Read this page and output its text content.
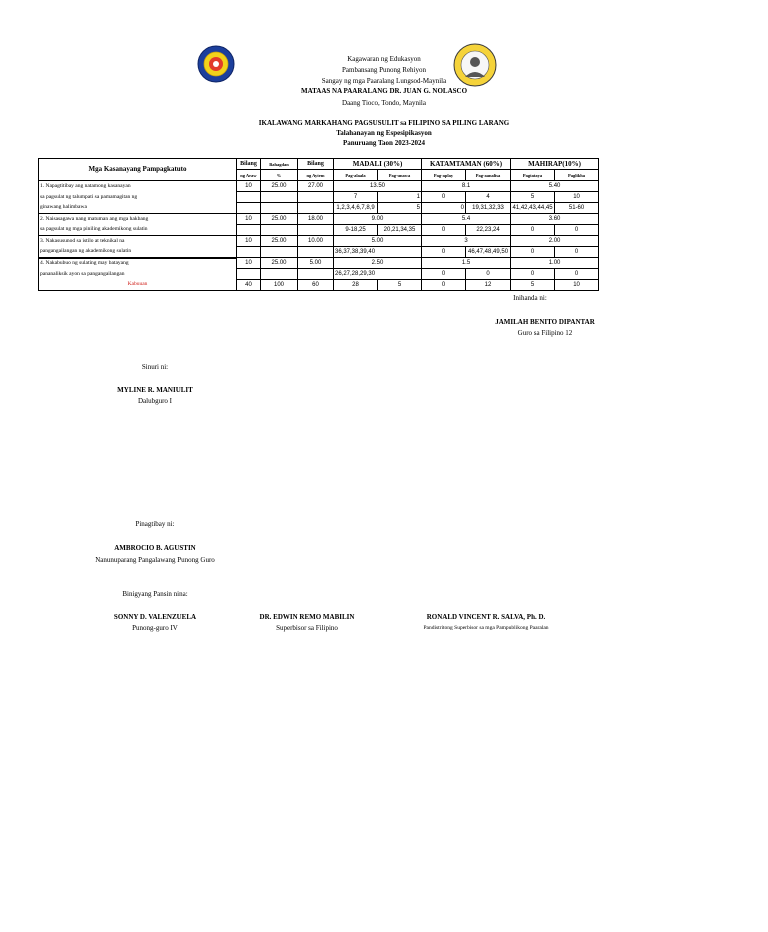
Kagawaran ng Edukasyon
Pambansang Punong Rehiyon
Sangay ng mga Paaralang Lungsod-Maynila
MATAAS NA PAARALANG DR. JUAN G. NOLASCO
Daang Tioco, Tondo, Maynila
IKALAWANG MARKAHANG PAGSUSULIT sa FILIPINO SA PILING LARANG
Talahanayan ng Espesipikasyon
Panuruang Taon 2023-2024
Mga Kasanayang Pampagkatuto	Bilang	Bahagdan	Bilang	MADALI (30%)		KATAMTAMAN (60%)		MAHIRAP(10%)	
	ng Araw	%	ng Aytem	Pag-alaala	Pag-unawa	Pag-aplay	Pag-aanalisa	Pagtataya	Paglikha
1. Napagtitibay ang natamong kasanayan	10	25.00	27.00	13.50		8.1		5.40	
sa pagsulat ng talumpati sa pamamagitan ng				7	1	0	4	5	10
ginawang halimbawa				1,2,3,4,6,7,8,9	5	0	19,31,32,33	41,42,43,44,45	51-60
2. Naisasagawa nang matuman ang mga hakbang	10	25.00	18.00	9.00		5.4		3.60	
sa pagsulat ng mga piniling akademikong sulatin				9-18,25	20,21,34,35	0	22,23,24	0	0
3. Nakasusunod sa istilo at teknikal na	10	25.00	10.00	5.00		3		2.00	
pangangailangan ng akademikong sulatin				36,37,38,39,40		0	46,47,48,49,50	0	0
4. Nakabubuo ng sulating may batayang	10	25.00	5.00	2.50		1.5		1.00	
pananaliksik ayon sa pangangailangan				26,27,28,29,30		0	0	0	0
Kabuuan	40	100	60	28	5	0	12	5	10
Inihanda ni:
JAMILAH BENITO DIPANTAR
Guro sa Filipino 12
Sinuri ni:
MYLINE R. MANIULIT
Dalubguro I
Pinagtibay ni:
AMBROCIO B. AGUSTIN
Nanunuparang Pangalawang Punong Guro
Binigyang Pansin nina:
SONNY D. VALENZUELA
Punong-guro IV
DR. EDWIN REMO MABILIN
Superbisor sa Filipino
RONALD VINCENT R. SALVA, Ph. D.
Pandistritong Superbisor sa mga Pampublikong Paaralan
